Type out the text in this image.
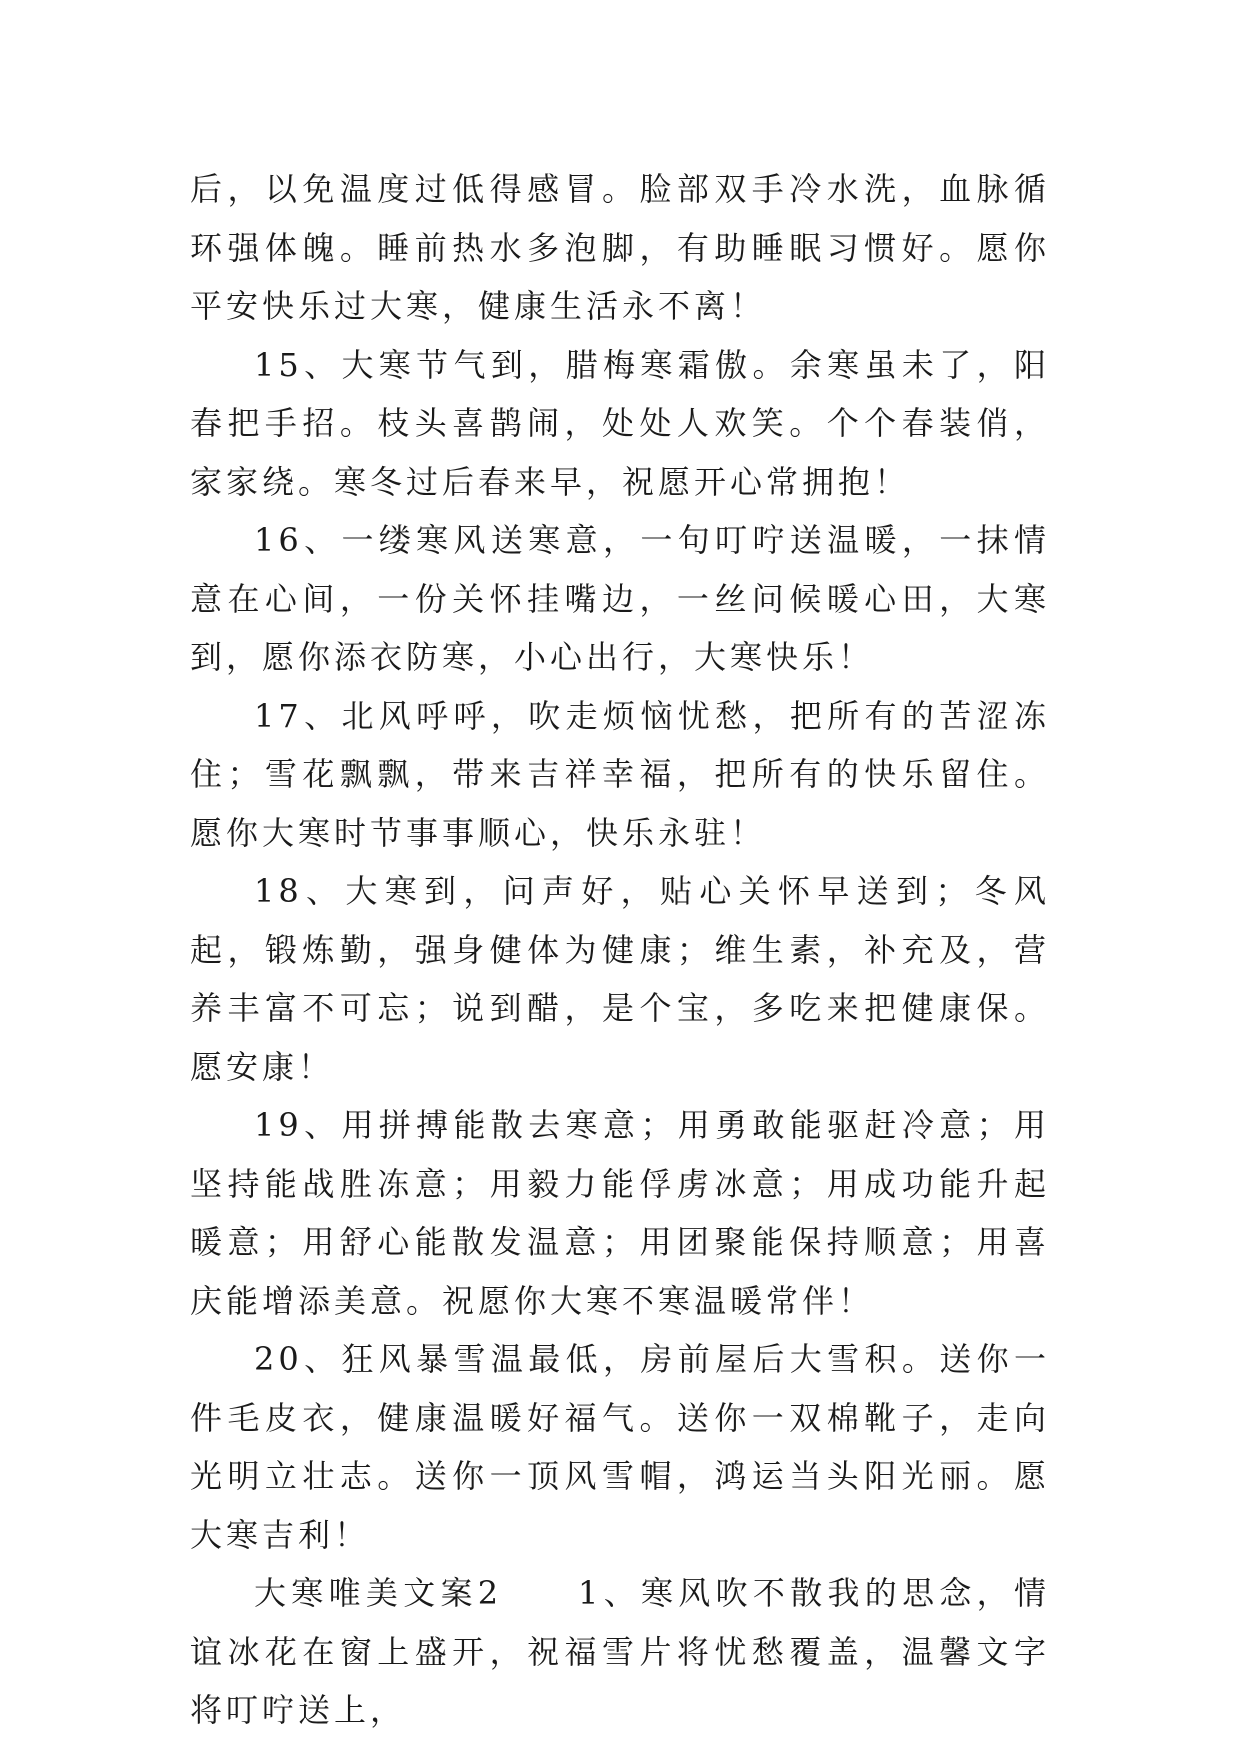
后，以免温度过低得感冒。脸部双手冷水洗，血脉循环强体魄。睡前热水多泡脚，有助睡眠习惯好。愿你平安快乐过大寒，健康生活永不离！

15、大寒节气到，腊梅寒霜傲。余寒虽未了，阳春把手招。枝头喜鹊闹，处处人欢笑。个个春装俏，家家绕。寒冬过后春来早，祝愿开心常拥抱！

16、一缕寒风送寒意，一句叮咛送温暖，一抹情意在心间，一份关怀挂嘴边，一丝问候暖心田，大寒到，愿你添衣防寒，小心出行，大寒快乐！

17、北风呼呼，吹走烦恼忧愁，把所有的苦涩冻住；雪花飘飘，带来吉祥幸福，把所有的快乐留住。愿你大寒时节事事顺心，快乐永驻！

18、大寒到，问声好，贴心关怀早送到；冬风起，锻炼勤，强身健体为健康；维生素，补充及，营养丰富不可忘；说到醋，是个宝，多吃来把健康保。愿安康！

19、用拼搏能散去寒意；用勇敢能驱赶冷意；用坚持能战胜冻意；用毅力能俘虏冰意；用成功能升起暖意；用舒心能散发温意；用团聚能保持顺意；用喜庆能增添美意。祝愿你大寒不寒温暖常伴！

20、狂风暴雪温最低，房前屋后大雪积。送你一件毛皮衣，健康温暖好福气。送你一双棉靴子，走向光明立壮志。送你一顶风雪帽，鸿运当头阳光丽。愿大寒吉利！

大寒唯美文案2　　1、寒风吹不散我的思念，情谊冰花在窗上盛开，祝福雪片将忧愁覆盖，温馨文字将叮咛送上，
